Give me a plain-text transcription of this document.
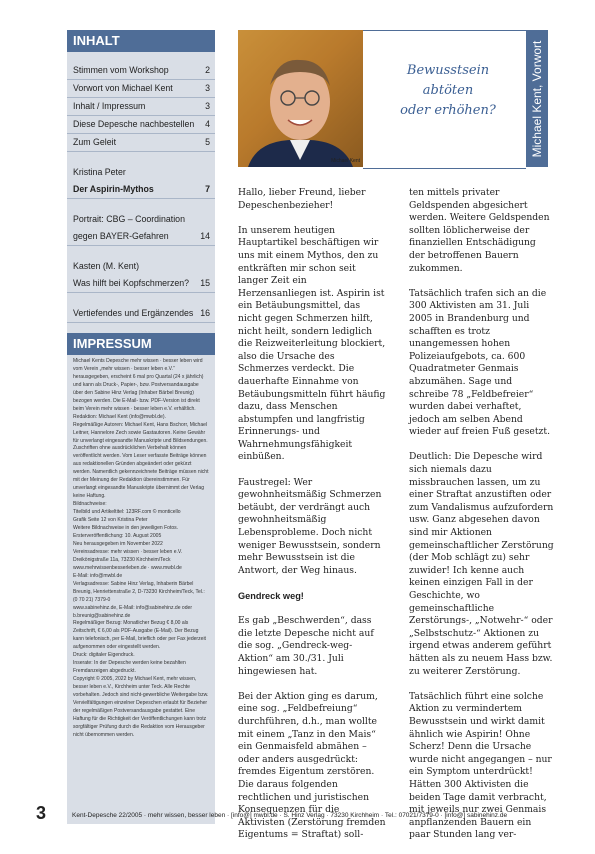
INHALT
Stimmen vom Workshop	2
Vorwort von Michael Kent	3
Inhalt / Impressum	3
Diese Depesche nachbestellen 4
Zum Geleit	5
Kristina Peter
Der Aspirin-Mythos	7
Portrait: CBG – Coordination
gegen BAYER-Gefahren	14
Kasten (M. Kent)
Was hilft bei Kopfschmerzen? 15
Vertiefendes und Ergänzendes 16
IMPRESSUM

Michael Kents Depesche mehr wissen · besser leben wird vom Verein „mehr wissen · besser leben e.V.“ herausgegeben, erscheint 6 mal pro Quartal (24 x jährlich) und kann als Druck-, Papier-, bzw. Postversandausgabe über den Sabine Hinz Verlag (Inhaber Bärbel Breunig) bezogen werden. Die E-Mail- bzw. PDF-Version ist direkt beim Verein mehr wissen · besser leben e.V. erhältlich.

Redaktion: Michael Kent (info@mwbl.de).

Regelmäßige Autoren: Michael Kent, Hans Bschorr, Michael Leitner, Hannelore Zech sowie Gastautoren. Keine Gewähr für unverlangt eingesandte Manuskripte und Bildsendungen. Zuschriften ohne ausdrücklichen Verbehalt können veröffentlicht werden. Vom Leser verfasste Beiträge können aus redaktionellen Gründen abgeändert oder gekürzt werden. Namentlich gekennzeichnete Beiträge müssen nicht mit der Meinung der Redaktion übereinstimmen. Für unverlangt eingesandte Manuskripte übernimmt der Verlag keine Haftung.

Bildnachweise:

Titelbild und Artikeltitel: 123RF.com © monticello

Grafik Seite 12 von Kristina Peter

Weitere Bildnachweise in den jeweiligen Fotos.

Ersterveröffentlichung: 10. August 2005

Neu herausgegeben im November 2022

Vereinsadresse: mehr wissen · besser leben e.V. Dreikönigstraße 11a, 73230 Kirchheim/Teck

www.mehrwissenbesserleben.de · www.mwbl.de

E-Mail: info@mwbl.de

Verlagsadresse: Sabine Hinz Verlag, Inhaberin Bärbel Breunig, Henriettenstraße 2, D-73230 Kirchheim/Teck, Tel.: (0 70 21) 7379-0

www.sabinehinz.de, E-Mail: info@sabinehinz.de oder b.breunig@sabinehinz.de

Regelmäßiger Bezug: Monatlicher Bezug € 8,00 als Zeitschrift, € 6,00 als PDF-Ausgabe (E-Mail). Der Bezug kann telefonisch, per E-Mail, brieflich oder per Fax jederzeit aufgenommen oder eingestellt werden.

Druck: digitaler Eigendruck.

Inserate: In der Depesche werden keine bezahlten Fremdanzeigen abgedruckt.

Copyright © 2005, 2022 by Michael Kent, mehr wissen, besser leben e.V., Kirchheim unter Teck. Alle Rechte vorbehalten. Jedoch sind nicht-gewerbliche Weitergabe bzw. Vervielfältigungen einzelner Depeschen erlaubt für Bezieher der regelmäßigen Postversandausgabe gestattet. Eine Haftung für die Richtigkeit der Veröffentlichungen kann trotz sorgfältiger Prüfung durch die Redaktion vom Herausgeber nicht übernommen werden.

Michael Kent
Bewusstsein
abtöten
oder erhöhen?	Michael Kent, Vorwort

Hallo, lieber Freund, lieber Depeschenbezieher!

In unserem heutigen Hauptartikel beschäftigen wir uns mit einem Mythos, den zu entkräften mir schon seit langer Zeit ein Herzensanliegen ist. Aspirin ist ein Betäubungsmittel, das nicht gegen Schmerzen hilft, nicht heilt, sondern lediglich die Reizweiterleitung blockiert, also die Ursache des Schmerzes verdeckt. Die dauerhafte Einnahme von Betäubungsmitteln führt häufig dazu, dass Menschen abstumpfen und langfristig Erinnerungs- und Wahrnehmungsfähigkeit einbüßen.

Faustregel: Wer gewohnheitsmäßig Schmerzen betäubt, der verdrängt auch gewohnheitsmäßig Lebensprobleme. Doch nicht weniger Bewusstsein, sondern mehr Bewusstsein ist die Antwort, der Weg hinaus.

Gendreck weg!

Es gab „Beschwerden“, dass die letzte Depesche nicht auf die sog. „Gendreck-weg-Aktion“ am 30./31. Juli hingewiesen hat.

Bei der Aktion ging es darum, eine sog. „Feldbefreiung“ durchführen, d.h., man wollte mit einem „Tanz in den Mais“ ein Genmaisfeld abmähen – oder anders ausgedrückt: fremdes Eigentum zerstören. Die daraus folgenden rechtlichen und juristischen Konsequenzen für die Aktivisten (Zerstörung fremden Eigentums = Straftat) soll-

ten mittels privater Geldspenden abgesichert werden. Weitere Geldspenden sollten löblicherweise der finanziellen Entschädigung der betroffenen Bauern zukommen.

Tatsächlich trafen sich an die 300 Aktivisten am 31. Juli 2005 in Brandenburg und schafften es trotz unangemessen hohen Polizeiaufgebots, ca. 600 Quadratmeter Genmais abzumähen. Sage und schreibe 78 „Feldbefreier“ wurden dabei verhaftet, jedoch am selben Abend wieder auf freien Fuß gesetzt.

Deutlich: Die Depesche wird sich niemals dazu missbrauchen lassen, um zu einer Straftat anzustiften oder zum Vandalismus aufzufordern usw. Ganz abgesehen davon sind mir Aktionen gemeinschaftlicher Zerstörung (der Mob schlägt zu) sehr zuwider! Ich kenne auch keinen einzigen Fall in der Geschichte, wo gemeinschaftliche Zerstörungs-, „Notwehr-“ oder „Selbstschutz-“ Aktionen zu irgend etwas anderem geführt hätten als zu neuem Hass bzw. zu weiterer Zerstörung.

Tatsächlich führt eine solche Aktion zu vermindertem Bewusstsein und wirkt damit ähnlich wie Aspirin! Ohne Scherz! Denn die Ursache wurde nicht angegangen – nur ein Symptom unterdrückt! Hätten 300 Aktivisten die beiden Tage damit verbracht, mit jeweils nur zwei Genmais anpflanzenden Bauern ein paar Stunden lang ver-

3	Kent-Depesche 22/2005 · mehr wissen, besser leben · [info@] mwbl.de · S. Hinz Verlag · 73230 Kirchheim · Tel.: 07021/7379-0 · [info@] sabinehinz.de
